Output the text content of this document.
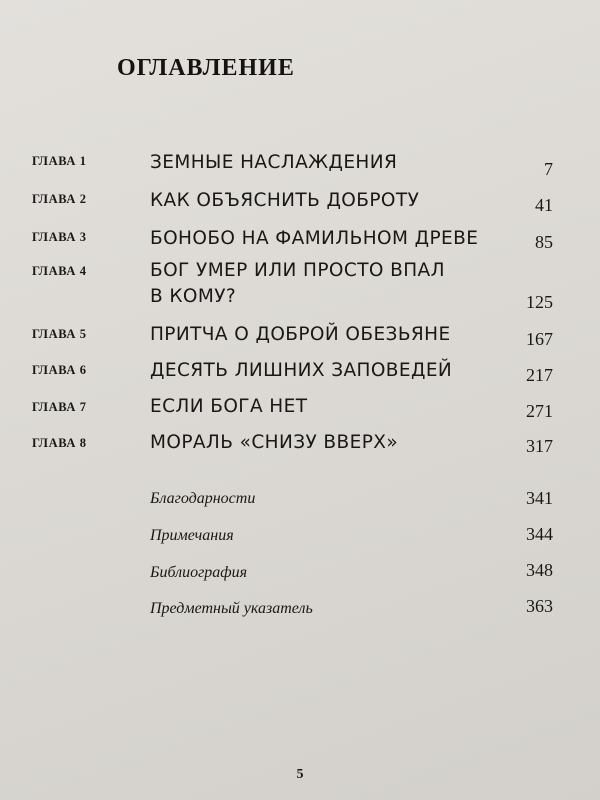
ОГЛАВЛЕНИЕ
ГЛАВА 1	ЗЕМНЫЕ НАСЛАЖДЕНИЯ	7
ГЛАВА 2	КАК ОБЪЯСНИТЬ ДОБРОТУ	41
ГЛАВА 3	БОНОБО НА ФАМИЛЬНОМ ДРЕВЕ	85
ГЛАВА 4	БОГ УМЕР ИЛИ ПРОСТО ВПАЛ
В КОМУ?	125
ГЛАВА 5	ПРИТЧА О ДОБРОЙ ОБЕЗЬЯНЕ	167
ГЛАВА 6	ДЕСЯТЬ ЛИШНИХ ЗАПОВЕДЕЙ	217
ГЛАВА 7	ЕСЛИ БОГА НЕТ	271
ГЛАВА 8	МОРАЛЬ «СНИЗУ ВВЕРХ»	317
Благодарности	341
Примечания	344
Библиография	348
Предметный указатель	363
5
